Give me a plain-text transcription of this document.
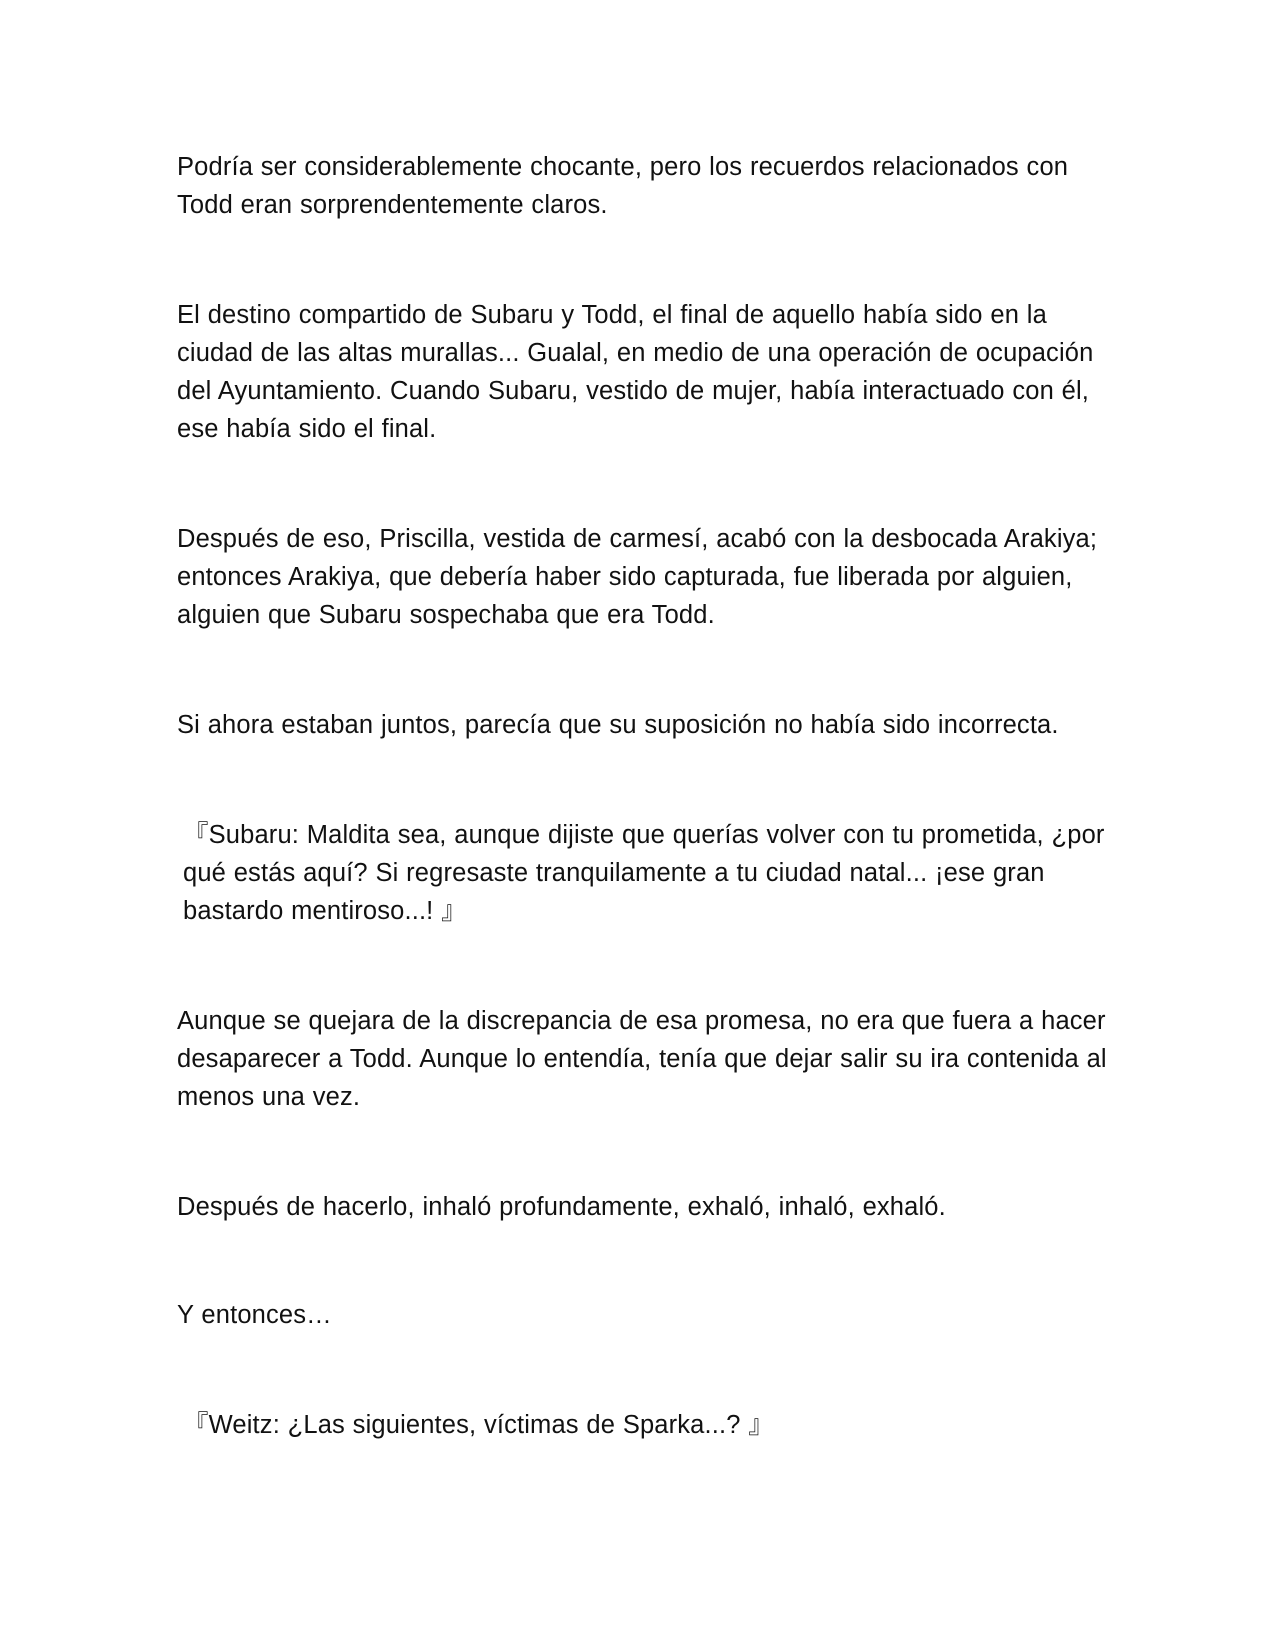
Podría ser considerablemente chocante, pero los recuerdos relacionados con Todd eran sorprendentemente claros.

El destino compartido de Subaru y Todd, el final de aquello había sido en la ciudad de las altas murallas... Gualal, en medio de una operación de ocupación del Ayuntamiento. Cuando Subaru, vestido de mujer, había interactuado con él, ese había sido el final.

Después de eso, Priscilla, vestida de carmesí, acabó con la desbocada Arakiya; entonces Arakiya, que debería haber sido capturada, fue liberada por alguien, alguien que Subaru sospechaba que era Todd.

Si ahora estaban juntos, parecía que su suposición no había sido incorrecta.

『Subaru: Maldita sea, aunque dijiste que querías volver con tu prometida, ¿por qué estás aquí? Si regresaste tranquilamente a tu ciudad natal... ¡ese gran bastardo mentiroso...! 』

Aunque se quejara de la discrepancia de esa promesa, no era que fuera a hacer desaparecer a Todd. Aunque lo entendía, tenía que dejar salir su ira contenida al menos una vez.

Después de hacerlo, inhaló profundamente, exhaló, inhaló, exhaló.

Y entonces…

『Weitz: ¿Las siguientes, víctimas de Sparka...? 』
